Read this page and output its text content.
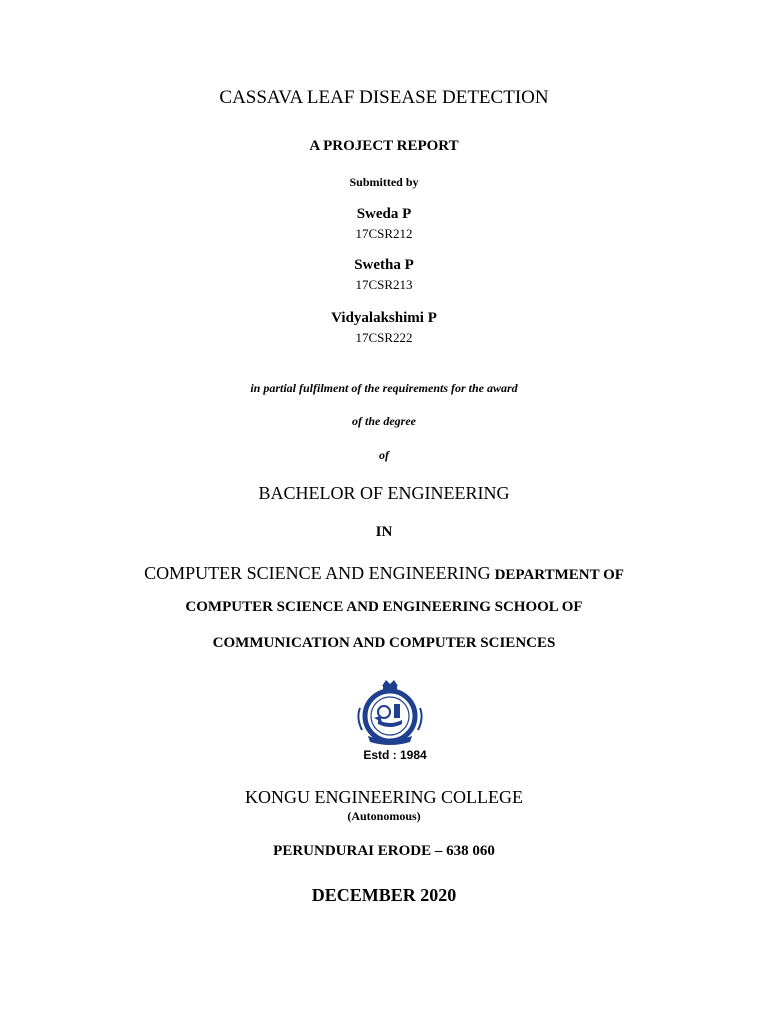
CASSAVA LEAF DISEASE DETECTION
A PROJECT REPORT
Submitted by
Sweda P
17CSR212
Swetha P
17CSR213
Vidyalakshimi P
17CSR222
in partial fulfilment of the requirements for the award
of the degree
of
BACHELOR OF ENGINEERING
IN
COMPUTER SCIENCE AND ENGINEERING DEPARTMENT OF
COMPUTER SCIENCE AND ENGINEERING SCHOOL OF
COMMUNICATION AND COMPUTER SCIENCES
Estd : 1984
KONGU ENGINEERING COLLEGE
(Autonomous)
PERUNDURAI ERODE – 638 060
DECEMBER 2020
